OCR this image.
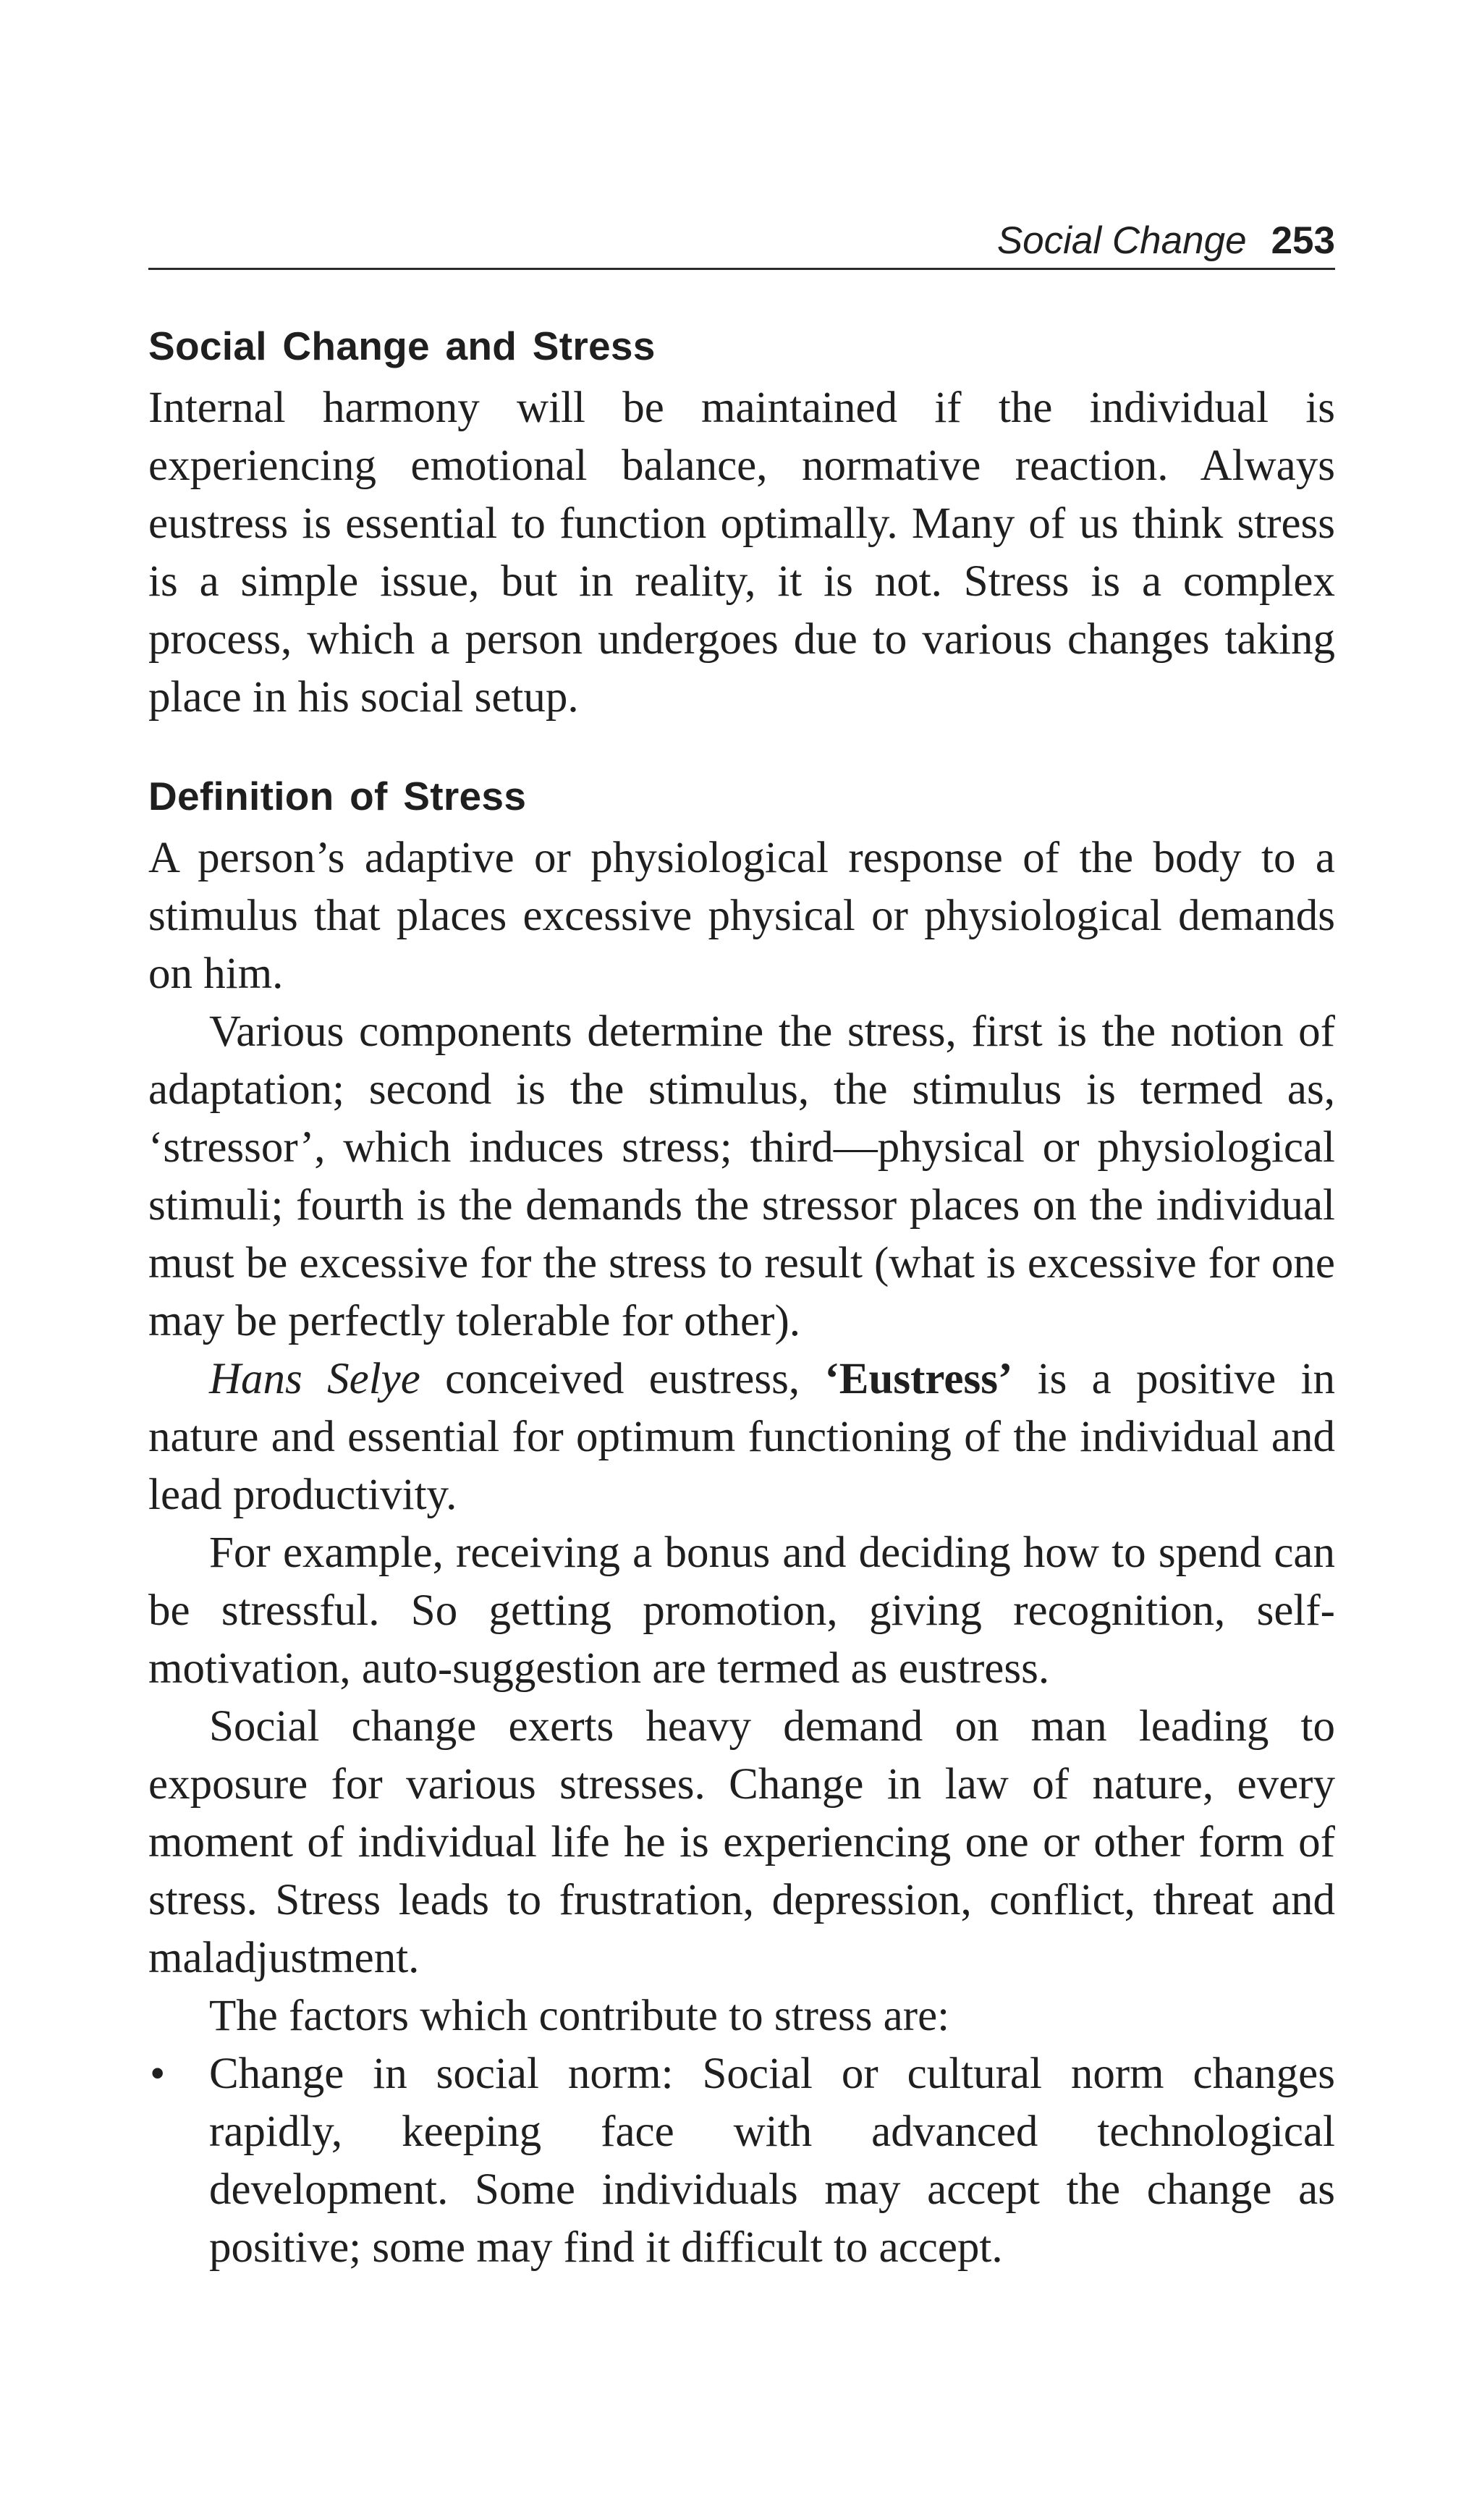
Social Change 253
Social Change and Stress

Internal harmony will be maintained if the individual is experiencing emotional balance, normative reaction. Always eustress is essential to function optimally. Many of us think stress is a simple issue, but in reality, it is not. Stress is a complex process, which a person undergoes due to various changes taking place in his social setup.

Definition of Stress

A person’s adaptive or physiological response of the body to a stimulus that places excessive physical or physiological demands on him.

Various components determine the stress, first is the notion of adaptation; second is the stimulus, the stimulus is termed as, ‘stressor’, which induces stress; third—physical or physiological stimuli; fourth is the demands the stressor places on the individual must be excessive for the stress to result (what is excessive for one may be perfectly tolerable for other).

Hans Selye conceived eustress, ‘Eustress’ is a positive in nature and essential for optimum functioning of the individual and lead productivity.

For example, receiving a bonus and deciding how to spend can be stressful. So getting promotion, giving recognition, self-motivation, auto-suggestion are termed as eustress.

Social change exerts heavy demand on man leading to exposure for various stresses. Change in law of nature, every moment of individual life he is experiencing one or other form of stress. Stress leads to frustration, depression, conflict, threat and maladjustment.

The factors which contribute to stress are:

• Change in social norm: Social or cultural norm changes rapidly, keeping face with advanced technological development. Some individuals may accept the change as positive; some may find it difficult to accept.
